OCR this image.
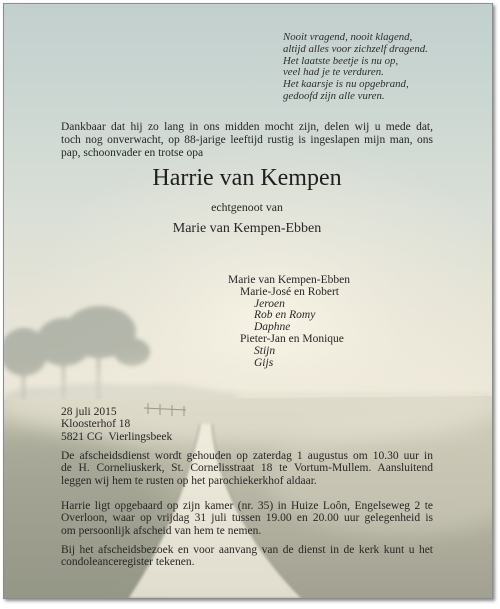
Nooit vragend, nooit klagend,
altijd alles voor zichzelf dragend.
Het laatste beetje is nu op,
veel had je te verduren.
Het kaarsje is nu opgebrand,
gedoofd zijn alle vuren.
Dankbaar dat hij zo lang in ons midden mocht zijn, delen wij u mede dat,
toch nog onverwacht, op 88-jarige leeftijd rustig is ingeslapen mijn man, ons
pap, schoonvader en trotse opa
Harrie van Kempen
echtgenoot van
Marie van Kempen-Ebben
Marie van Kempen-Ebben
Marie-José en Robert
Jeroen
Rob en Romy
Daphne
Pieter-Jan en Monique
Stijn
Gijs
28 juli 2015
Kloosterhof 18
5821 CG  Vierlingsbeek
De afscheidsdienst wordt gehouden op zaterdag 1 augustus om 10.30 uur in
de H. Corneliuskerk, St. Cornelisstraat 18 te Vortum-Mullem. Aansluitend
leggen wij hem te rusten op het parochiekerkhof aldaar.
Harrie ligt opgebaard op zijn kamer (nr. 35) in Huize Loôn, Engelseweg 2 te
Overloon, waar op vrijdag 31 juli tussen 19.00 en 20.00 uur gelegenheid is
om persoonlijk afscheid van hem te nemen.
Bij het afscheidsbezoek en voor aanvang van de dienst in de kerk kunt u het
condoleanceregister tekenen.
